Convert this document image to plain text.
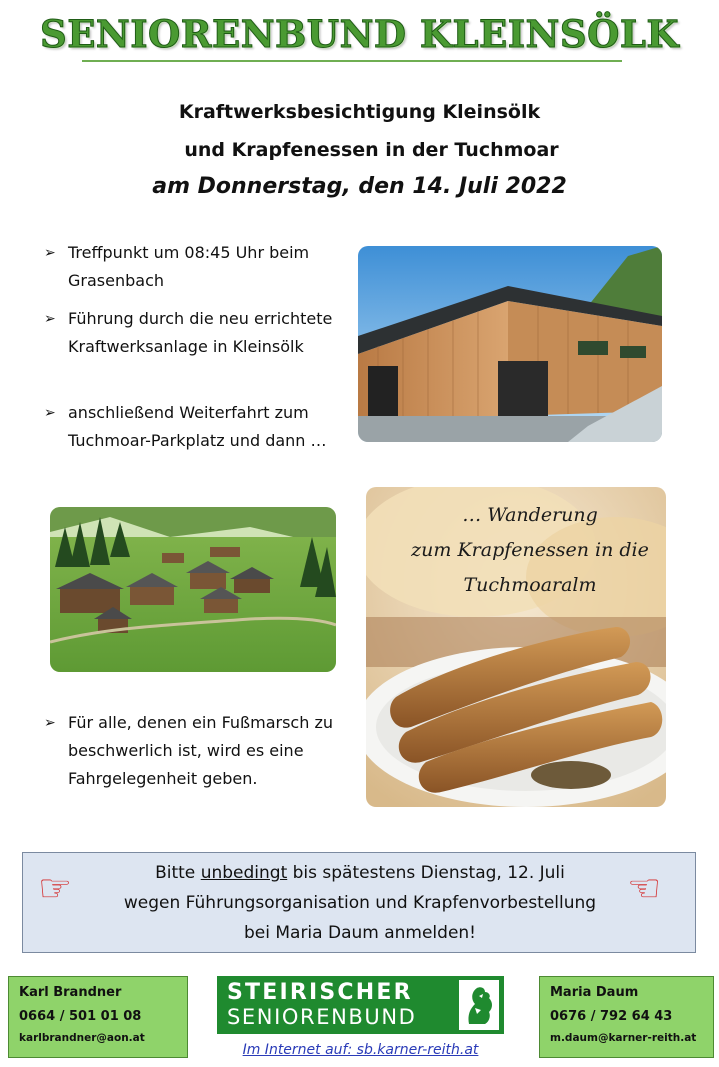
SENIORENBUND KLEINSÖLK
Kraftwerksbesichtigung Kleinsölk
und Krapfenessen in der Tuchmoar
am Donnerstag, den 14. Juli 2022
➢ Treffpunkt um 08:45 Uhr beim Grasenbach
➢ Führung durch die neu errichtete Kraftwerksanlage in Kleinsölk
➢ anschließend Weiterfahrt zum Tuchmoar-Parkplatz und dann …
… Wanderung
zum Krapfenessen in die
Tuchmoaralm
➢ Für alle, denen ein Fußmarsch zu beschwerlich ist, wird es eine Fahrgelegenheit geben.
☞	☞
Bitte unbedingt bis spätestens Dienstag, 12. Juli
wegen Führungsorganisation und Krapfenvorbestellung
bei Maria Daum anmelden!
Karl Brandner
0664 / 501 01 08
karlbrandner@aon.at
STEIRISCHER
SENIORENBUND
Im Internet auf: sb.karner-reith.at
Maria Daum
0676 / 792 64 43
m.daum@karner-reith.at
